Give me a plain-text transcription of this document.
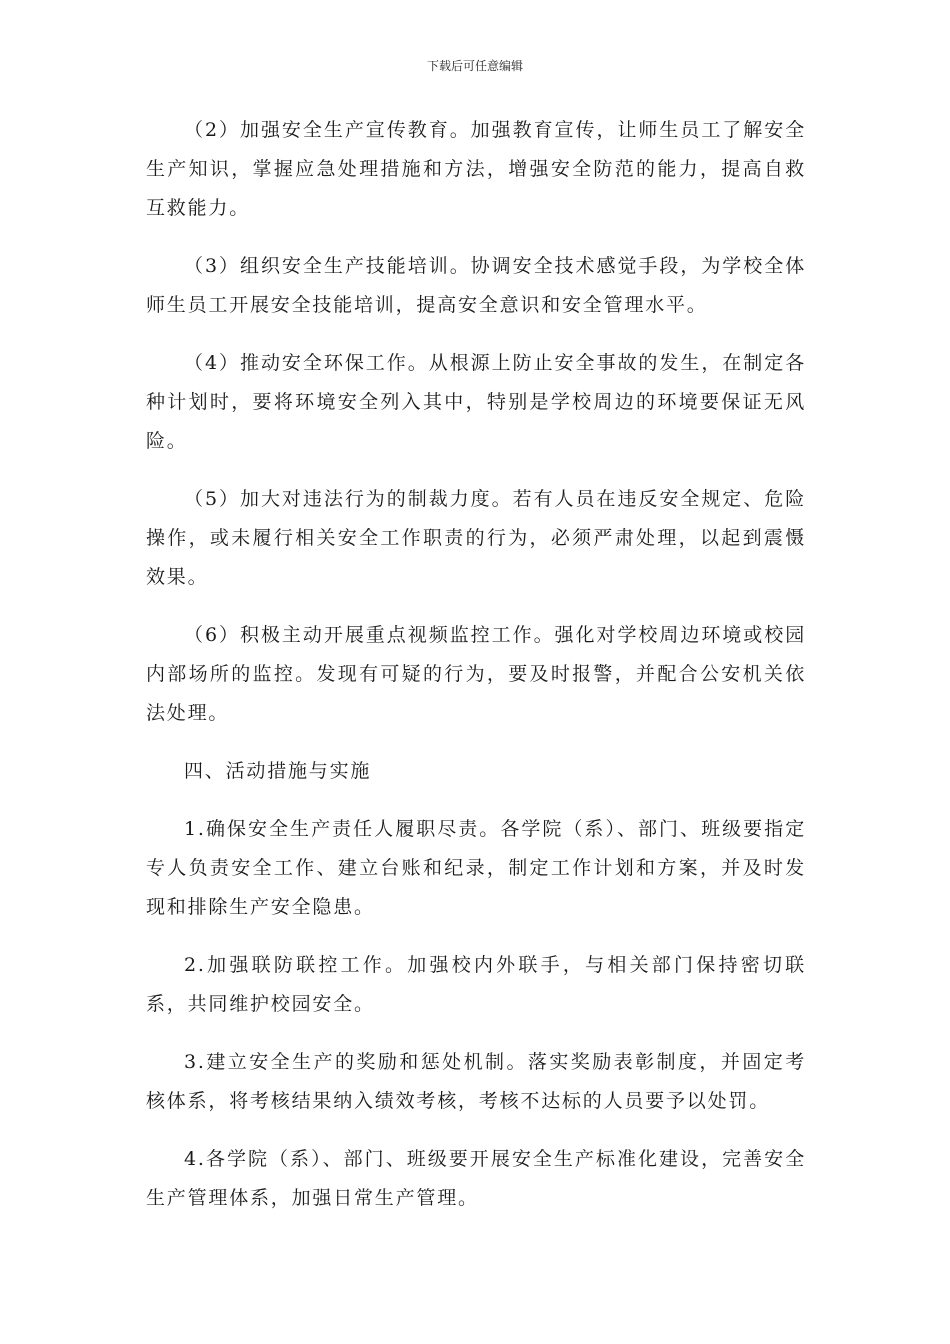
下载后可任意编辑

（2）加强安全生产宣传教育。加强教育宣传，让师生员工了解安全生产知识，掌握应急处理措施和方法，增强安全防范的能力，提高自救互救能力。

（3）组织安全生产技能培训。协调安全技术感觉手段，为学校全体师生员工开展安全技能培训，提高安全意识和安全管理水平。

（4）推动安全环保工作。从根源上防止安全事故的发生，在制定各种计划时，要将环境安全列入其中，特别是学校周边的环境要保证无风险。

（5）加大对违法行为的制裁力度。若有人员在违反安全规定、危险操作，或未履行相关安全工作职责的行为，必须严肃处理，以起到震慑效果。

（6）积极主动开展重点视频监控工作。强化对学校周边环境或校园内部场所的监控。发现有可疑的行为，要及时报警，并配合公安机关依法处理。

四、活动措施与实施

1.确保安全生产责任人履职尽责。各学院（系）、部门、班级要指定专人负责安全工作、建立台账和纪录，制定工作计划和方案，并及时发现和排除生产安全隐患。

2.加强联防联控工作。加强校内外联手，与相关部门保持密切联系，共同维护校园安全。

3.建立安全生产的奖励和惩处机制。落实奖励表彰制度，并固定考核体系，将考核结果纳入绩效考核，考核不达标的人员要予以处罚。

4.各学院（系）、部门、班级要开展安全生产标准化建设，完善安全生产管理体系，加强日常生产管理。
